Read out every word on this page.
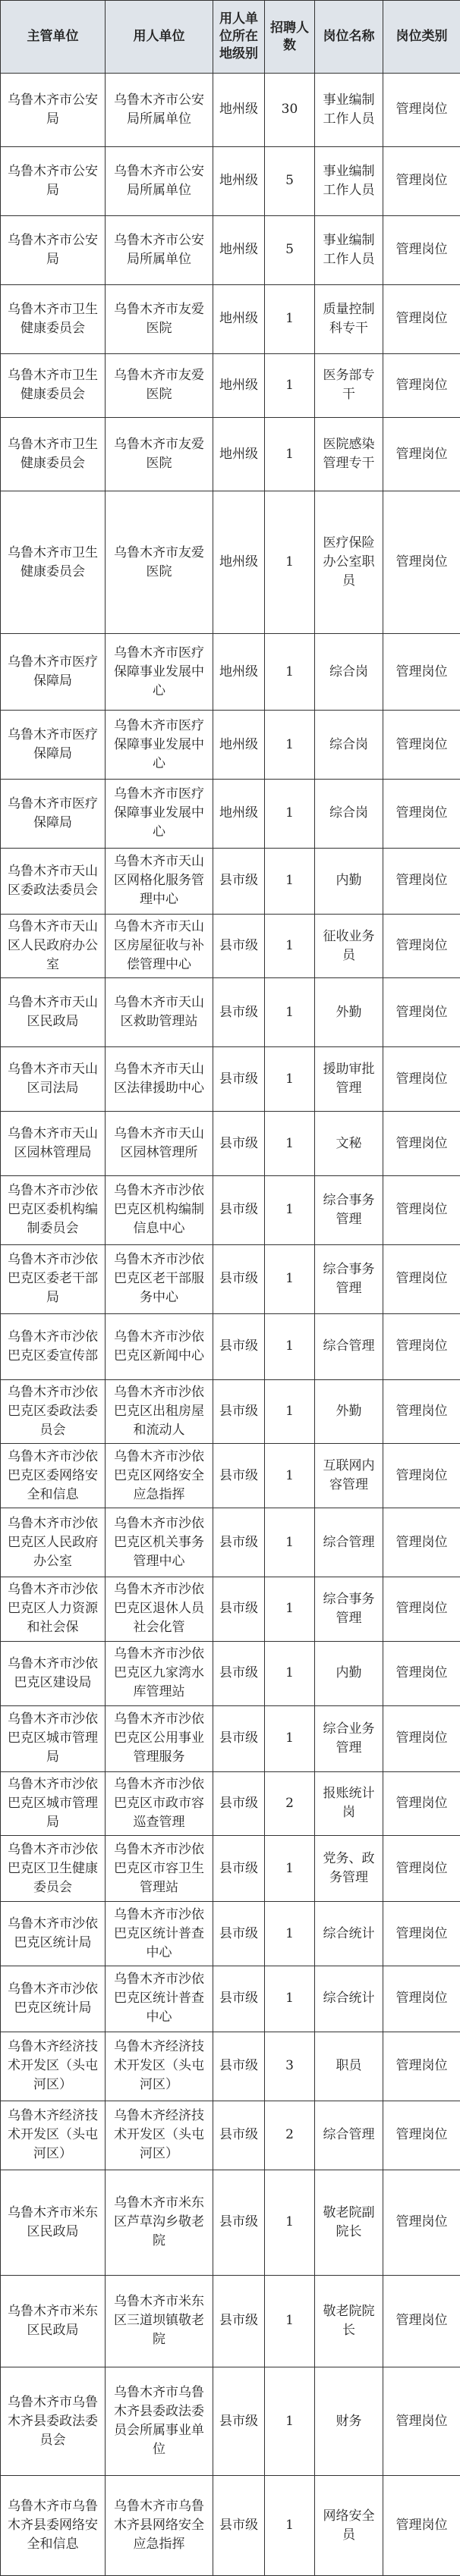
主管单位	用人单位	用人单位所在地级别	招聘人数	岗位名称	岗位类别
乌鲁木齐市公安局	乌鲁木齐市公安局所属单位	地州级	30	事业编制工作人员	管理岗位
乌鲁木齐市公安局	乌鲁木齐市公安局所属单位	地州级	5	事业编制工作人员	管理岗位
乌鲁木齐市公安局	乌鲁木齐市公安局所属单位	地州级	5	事业编制工作人员	管理岗位
乌鲁木齐市卫生健康委员会	乌鲁木齐市友爱医院	地州级	1	质量控制科专干	管理岗位
乌鲁木齐市卫生健康委员会	乌鲁木齐市友爱医院	地州级	1	医务部专干	管理岗位
乌鲁木齐市卫生健康委员会	乌鲁木齐市友爱医院	地州级	1	医院感染管理专干	管理岗位
乌鲁木齐市卫生健康委员会	乌鲁木齐市友爱医院	地州级	1	医疗保险办公室职员	管理岗位
乌鲁木齐市医疗保障局	乌鲁木齐市医疗保障事业发展中心	地州级	1	综合岗	管理岗位
乌鲁木齐市医疗保障局	乌鲁木齐市医疗保障事业发展中心	地州级	1	综合岗	管理岗位
乌鲁木齐市医疗保障局	乌鲁木齐市医疗保障事业发展中心	地州级	1	综合岗	管理岗位
乌鲁木齐市天山区委政法委员会	乌鲁木齐市天山区网格化服务管理中心	县市级	1	内勤	管理岗位
乌鲁木齐市天山区人民政府办公室	乌鲁木齐市天山区房屋征收与补偿管理中心	县市级	1	征收业务员	管理岗位
乌鲁木齐市天山区民政局	乌鲁木齐市天山区救助管理站	县市级	1	外勤	管理岗位
乌鲁木齐市天山区司法局	乌鲁木齐市天山区法律援助中心	县市级	1	援助审批管理	管理岗位
乌鲁木齐市天山区园林管理局	乌鲁木齐市天山区园林管理所	县市级	1	文秘	管理岗位
乌鲁木齐市沙依巴克区委机构编制委员会	乌鲁木齐市沙依巴克区机构编制信息中心	县市级	1	综合事务管理	管理岗位
乌鲁木齐市沙依巴克区委老干部局	乌鲁木齐市沙依巴克区老干部服务中心	县市级	1	综合事务管理	管理岗位
乌鲁木齐市沙依巴克区委宣传部	乌鲁木齐市沙依巴克区新闻中心	县市级	1	综合管理	管理岗位
乌鲁木齐市沙依巴克区委政法委员会	乌鲁木齐市沙依巴克区出租房屋和流动人	县市级	1	外勤	管理岗位
乌鲁木齐市沙依巴克区委网络安全和信息	乌鲁木齐市沙依巴克区网络安全应急指挥	县市级	1	互联网内容管理	管理岗位
乌鲁木齐市沙依巴克区人民政府办公室	乌鲁木齐市沙依巴克区机关事务管理中心	县市级	1	综合管理	管理岗位
乌鲁木齐市沙依巴克区人力资源和社会保	乌鲁木齐市沙依巴克区退休人员社会化管	县市级	1	综合事务管理	管理岗位
乌鲁木齐市沙依巴克区建设局	乌鲁木齐市沙依巴克区九家湾水库管理站	县市级	1	内勤	管理岗位
乌鲁木齐市沙依巴克区城市管理局	乌鲁木齐市沙依巴克区公用事业管理服务	县市级	1	综合业务管理	管理岗位
乌鲁木齐市沙依巴克区城市管理局	乌鲁木齐市沙依巴克区市政市容巡查管理	县市级	2	报账统计岗	管理岗位
乌鲁木齐市沙依巴克区卫生健康委员会	乌鲁木齐市沙依巴克区市容卫生管理站	县市级	1	党务、政务管理	管理岗位
乌鲁木齐市沙依巴克区统计局	乌鲁木齐市沙依巴克区统计普查中心	县市级	1	综合统计	管理岗位
乌鲁木齐市沙依巴克区统计局	乌鲁木齐市沙依巴克区统计普查中心	县市级	1	综合统计	管理岗位
乌鲁木齐经济技术开发区（头屯河区）	乌鲁木齐经济技术开发区（头屯河区）	县市级	3	职员	管理岗位
乌鲁木齐经济技术开发区（头屯河区）	乌鲁木齐经济技术开发区（头屯河区）	县市级	2	综合管理	管理岗位
乌鲁木齐市米东区民政局	乌鲁木齐市米东区芦草沟乡敬老院	县市级	1	敬老院副院长	管理岗位
乌鲁木齐市米东区民政局	乌鲁木齐市米东区三道坝镇敬老院	县市级	1	敬老院院长	管理岗位
乌鲁木齐市乌鲁木齐县委政法委员会	乌鲁木齐市乌鲁木齐县委政法委员会所属事业单位	县市级	1	财务	管理岗位
乌鲁木齐市乌鲁木齐县委网络安全和信息	乌鲁木齐市乌鲁木齐县网络安全应急指挥	县市级	1	网络安全员	管理岗位
